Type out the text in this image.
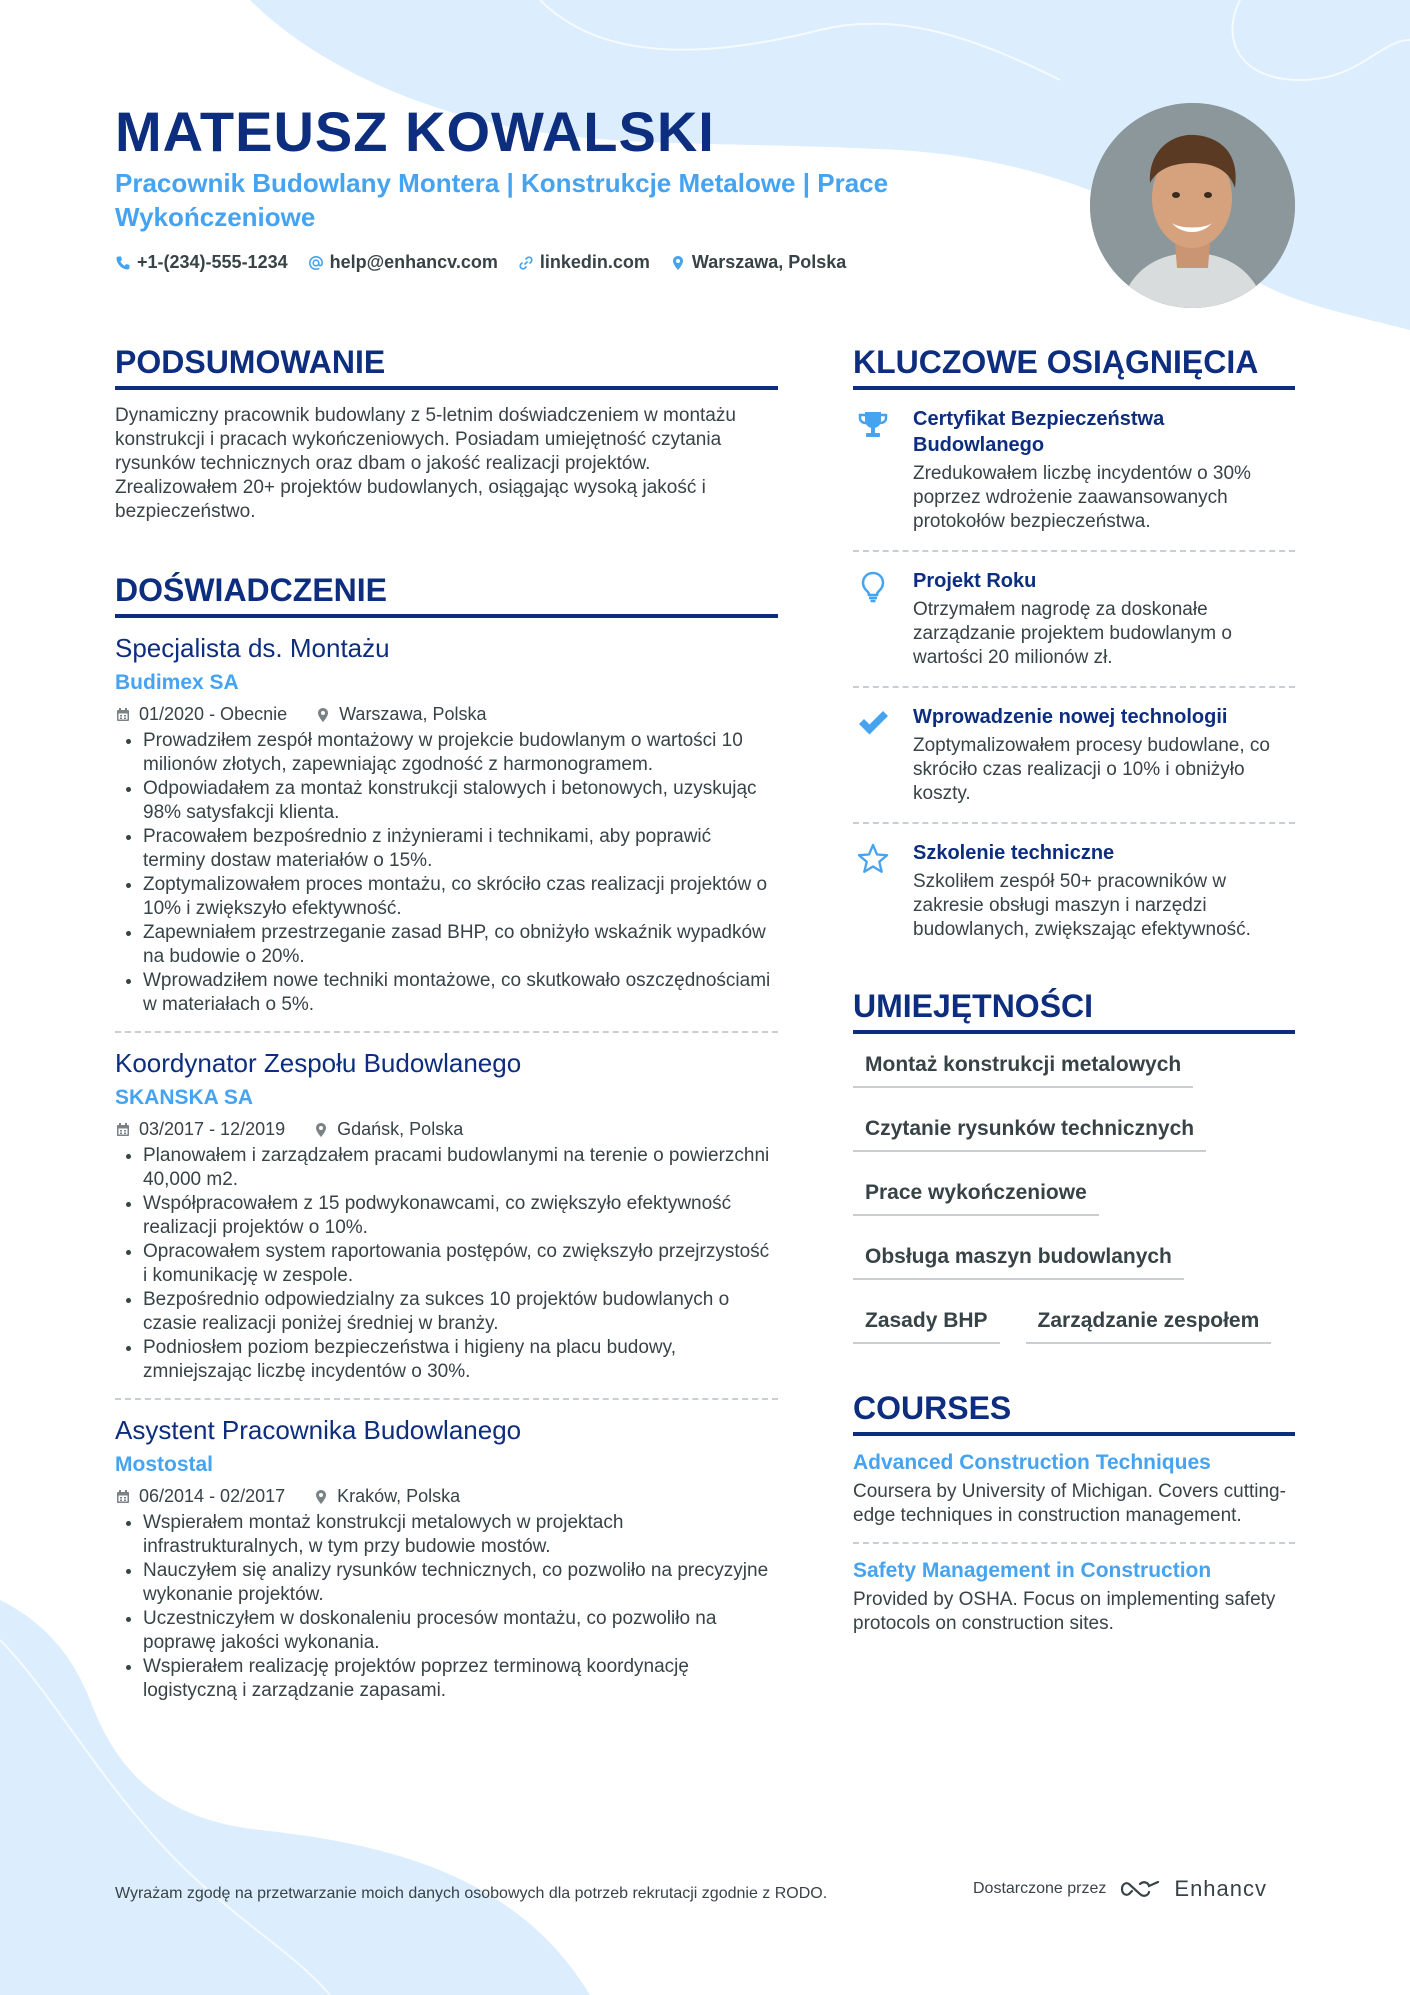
MATEUSZ KOWALSKI

Pracownik Budowlany Montera | Konstrukcje Metalowe | Prace Wykończeniowe

+1-(234)-555-1234 help@enhancv.com linkedin.com Warszawa, Polska
PODSUMOWANIE

Dynamiczny pracownik budowlany z 5-letnim doświadczeniem w montażu konstrukcji i pracach wykończeniowych. Posiadam umiejętność czytania rysunków technicznych oraz dbam o jakość realizacji projektów. Zrealizowałem 20+ projektów budowlanych, osiągając wysoką jakość i bezpieczeństwo.

DOŚWIADCZENIE

Specjalista ds. Montażu

Budimex SA

01/2020 - Obecnie	Warszawa, Polska
• Prowadziłem zespół montażowy w projekcie budowlanym o wartości 10 milionów złotych, zapewniając zgodność z harmonogramem.
• Odpowiadałem za montaż konstrukcji stalowych i betonowych, uzyskując 98% satysfakcji klienta.
• Pracowałem bezpośrednio z inżynierami i technikami, aby poprawić terminy dostaw materiałów o 15%.
• Zoptymalizowałem proces montażu, co skróciło czas realizacji projektów o 10% i zwiększyło efektywność.
• Zapewniałem przestrzeganie zasad BHP, co obniżyło wskaźnik wypadków na budowie o 20%.
• Wprowadziłem nowe techniki montażowe, co skutkowało oszczędnościami w materiałach o 5%.

Koordynator Zespołu Budowlanego

SKANSKA SA

03/2017 - 12/2019	Gdańsk, Polska
• Planowałem i zarządzałem pracami budowlanymi na terenie o powierzchni 40,000 m2.
• Współpracowałem z 15 podwykonawcami, co zwiększyło efektywność realizacji projektów o 10%.
• Opracowałem system raportowania postępów, co zwiększyło przejrzystość i komunikację w zespole.
• Bezpośrednio odpowiedzialny za sukces 10 projektów budowlanych o czasie realizacji poniżej średniej w branży.
• Podniosłem poziom bezpieczeństwa i higieny na placu budowy, zmniejszając liczbę incydentów o 30%.

Asystent Pracownika Budowlanego

Mostostal

06/2014 - 02/2017	Kraków, Polska
• Wspierałem montaż konstrukcji metalowych w projektach infrastrukturalnych, w tym przy budowie mostów.
• Nauczyłem się analizy rysunków technicznych, co pozwoliło na precyzyjne wykonanie projektów.
• Uczestniczyłem w doskonaleniu procesów montażu, co pozwoliło na poprawę jakości wykonania.
• Wspierałem realizację projektów poprzez terminową koordynację logistyczną i zarządzanie zapasami.
KLUCZOWE OSIĄGNIĘCIA

Certyfikat Bezpieczeństwa Budowlanego

Zredukowałem liczbę incydentów o 30% poprzez wdrożenie zaawansowanych protokołów bezpieczeństwa.

Projekt Roku

Otrzymałem nagrodę za doskonałe zarządzanie projektem budowlanym o wartości 20 milionów zł.

Wprowadzenie nowej technologii

Zoptymalizowałem procesy budowlane, co skróciło czas realizacji o 10% i obniżyło koszty.

Szkolenie techniczne

Szkoliłem zespół 50+ pracowników w zakresie obsługi maszyn i narzędzi budowlanych, zwiększając efektywność.

UMIEJĘTNOŚCI
Montaż konstrukcji metalowych
Czytanie rysunków technicznych
Prace wykończeniowe
Obsługa maszyn budowlanych
Zasady BHP	Zarządzanie zespołem
COURSES

Advanced Construction Techniques

Coursera by University of Michigan. Covers cutting-edge techniques in construction management.

Safety Management in Construction

Provided by OSHA. Focus on implementing safety protocols on construction sites.

Wyrażam zgodę na przetwarzanie moich danych osobowych dla potrzeb rekrutacji zgodnie z RODO.	Dostarczone przez	Enhancv
